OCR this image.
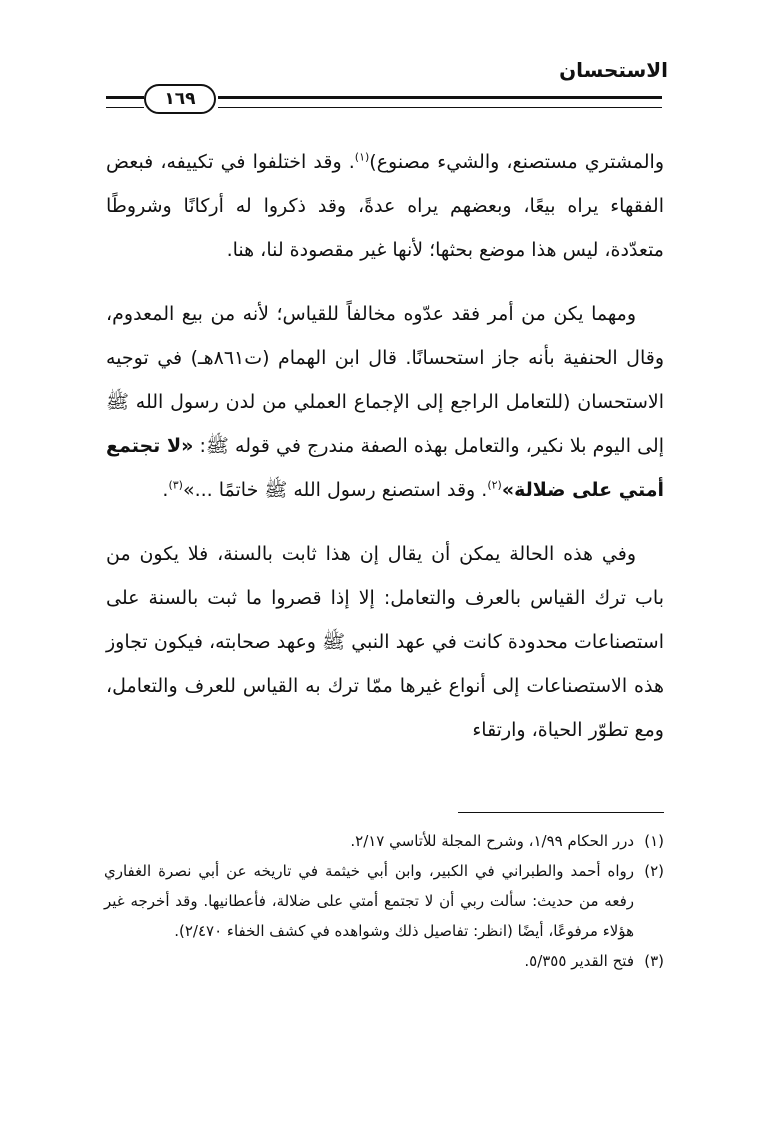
الاستحسان
١٦٩

والمشتري مستصنع، والشيء مصنوع)$^{(١)}$. وقد اختلفوا في تكييفه، فبعض الفقهاء يراه بيعًا، وبعضهم يراه عدةً، وقد ذكروا له أركانًا وشروطًا متعدّدة، ليس هذا موضع بحثها؛ لأنها غير مقصودة لنا، هنا.

ومهما يكن من أمر فقد عدّوه مخالفاً للقياس؛ لأنه من بيع المعدوم، وقال الحنفية بأنه جاز استحسانًا. قال ابن الهمام (ت٨٦١هـ) في توجيه الاستحسان (للتعامل الراجع إلى الإجماع العملي من لدن رسول الله ﷺ إلى اليوم بلا نكير، والتعامل بهذه الصفة مندرج في قوله ﷺ: «لا تجتمع أمتي على ضلالة»$^{(٢)}$. وقد استصنع رسول الله ﷺ خاتمًا ...»$^{(٣)}$.

وفي هذه الحالة يمكن أن يقال إن هذا ثابت بالسنة، فلا يكون من باب ترك القياس بالعرف والتعامل: إلا إذا قصروا ما ثبت بالسنة على استصناعات محدودة كانت في عهد النبي ﷺ وعهد صحابته، فيكون تجاوز هذه الاستصناعات إلى أنواع غيرها ممّا ترك به القياس للعرف والتعامل، ومع تطوّر الحياة، وارتقاء

(١)
درر الحكام ١/٩٩، وشرح المجلة للأتاسي ٢/١٧.
(٢)
رواه أحمد والطبراني في الكبير، وابن أبي خيثمة في تاريخه عن أبي نصرة الغفاري رفعه من حديث: سألت ربي أن لا تجتمع أمتي على ضلالة، فأعطانيها. وقد أخرجه غير هؤلاء مرفوعًا، أيضًا (انظر: تفاصيل ذلك وشواهده في كشف الخفاء ٢/٤٧٠).
(٣)
فتح القدير ٥/٣٥٥.
